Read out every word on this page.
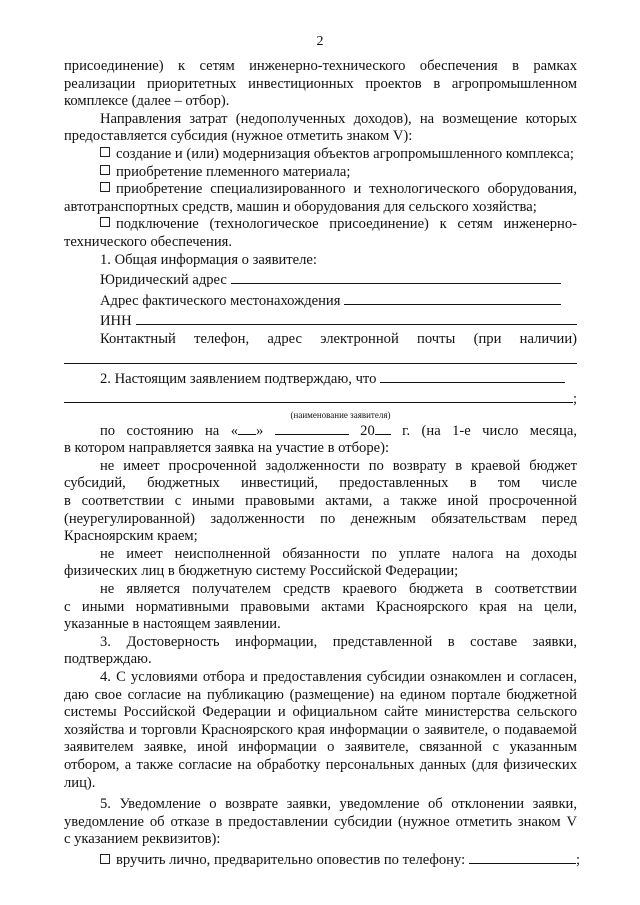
2

присоединение) к сетям инженерно-технического обеспечения в рамках

реализации приоритетных инвестиционных проектов в агропромышленном

комплексе (далее – отбор).

Направления затрат (недополученных доходов), на возмещение которых

предоставляется субсидия (нужное отметить знаком V):

создание и (или) модернизация объектов агропромышленного комплекса;

приобретение племенного материала;

приобретение специализированного и технологического оборудования,

автотранспортных средств, машин и оборудования для сельского хозяйства;

подключение (технологическое присоединение) к сетям инженерно-

технического обеспечения.

1. Общая информация о заявителе:

Юридический адрес
Адрес фактического местонахождения
ИНН

Контактный телефон, адрес электронной почты (при наличии)

2. Настоящим заявлением подтверждаю, что
;

(наименование заявителя)

по состоянию на « »	20 г. (на 1-е число месяца,

в котором направляется заявка на участие в отборе):

не имеет просроченной задолженности по возврату в краевой бюджет

субсидий, бюджетных инвестиций, предоставленных в том числе

в соответствии с иными правовыми актами, а также иной просроченной

(неурегулированной) задолженности по денежным обязательствам перед

Красноярским краем;

не имеет неисполненной обязанности по уплате налога на доходы

физических лиц в бюджетную систему Российской Федерации;

не является получателем средств краевого бюджета в соответствии

с иными нормативными правовыми актами Красноярского края на цели,

указанные в настоящем заявлении.

3. Достоверность информации, представленной в составе заявки,

подтверждаю.

4. С условиями отбора и предоставления субсидии ознакомлен и согласен,

даю свое согласие на публикацию (размещение) на едином портале бюджетной

системы Российской Федерации и официальном сайте министерства сельского

хозяйства и торговли Красноярского края информации о заявителе, о подаваемой

заявителем заявке, иной информации о заявителе, связанной с указанным

отбором, а также согласие на обработку персональных данных (для физических

лиц).

5. Уведомление о возврате заявки, уведомление об отклонении заявки,

уведомление об отказе в предоставлении субсидии (нужное отметить знаком V

с указанием реквизитов):

вручить лично, предварительно оповестив по телефону:	;
